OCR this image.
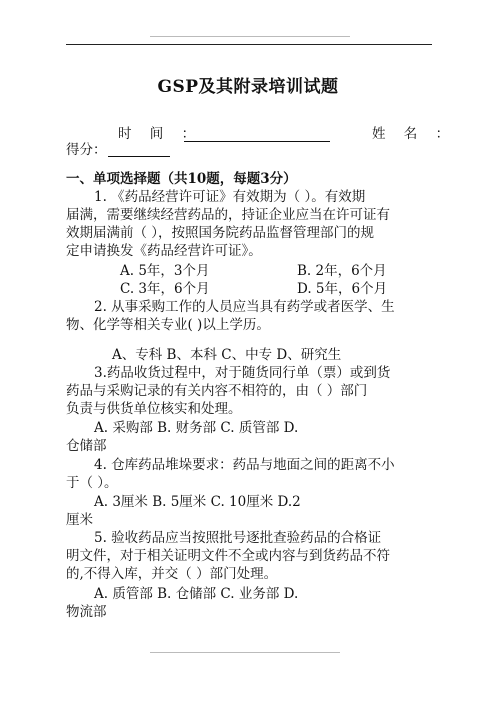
GSP及其附录培训试题
时 间 ：	姓 名 ：
得分：
一、单项选择题（共10题，每题3分）
1. 《药品经营许可证》有效期为（ ）。有效期
届满，需要继续经营药品的，持证企业应当在许可证有
效期届满前（ ），按照国务院药品监督管理部门的规
定申请换发《药品经营许可证》。
A. 5年，3个月	B. 2年，6个月
C. 3年，6个月	D. 5年，6个月
2. 从事采购工作的人员应当具有药学或者医学、生
物、化学等相关专业( )以上学历。
A、专科 B、本科 C、中专 D、研究生
3.药品收货过程中，对于随货同行单（票）或到货
药品与采购记录的有关内容不相符的，由（ ）部门
负责与供货单位核实和处理。
A. 采购部 B. 财务部 C. 质管部 D.
仓储部
4. 仓库药品堆垛要求：药品与地面之间的距离不小
于（ ）。
A. 3厘米 B. 5厘米 C. 10厘米 D.2
厘米
5. 验收药品应当按照批号逐批查验药品的合格证
明文件，对于相关证明文件不全或内容与到货药品不符
的,不得入库，并交（ ）部门处理。
A. 质管部 B. 仓储部 C. 业务部 D.
物流部
